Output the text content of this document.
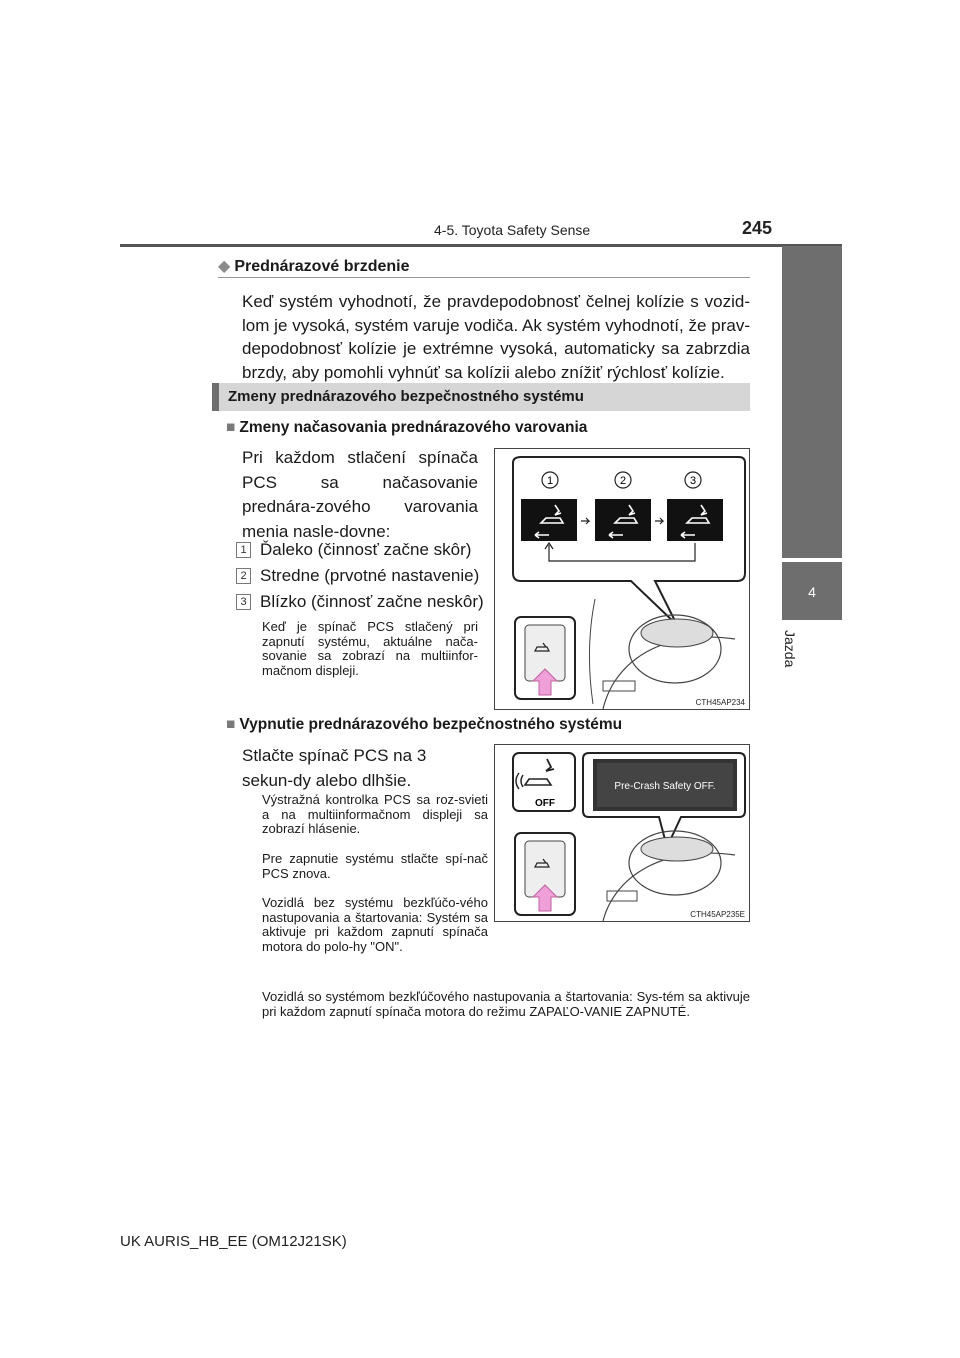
4-5. Toyota Safety Sense	245
4
Jazda
◆ Prednárazové brzdenie
Keď systém vyhodnotí, že pravdepodobnosť čelnej kolízie s vozid-lom je vysoká, systém varuje vodiča. Ak systém vyhodnotí, že prav-depodobnosť kolízie je extrémne vysoká, automaticky sa zabrzdia brzdy, aby pomohli vyhnúť sa kolízii alebo znížiť rýchlosť kolízie.
Zmeny prednárazového bezpečnostného systému
■ Zmeny načasovania prednárazového varovania
Pri každom stlačení spínača PCS sa načasovanie prednára-zového varovania menia nasle-dovne:
1 Ďaleko (činnosť začne skôr)
2 Stredne (prvotné nastavenie)
3 Blízko (činnosť začne neskôr)
Keď je spínač PCS stlačený pri zapnutí systému, aktuálne nača-sovanie sa zobrazí na multiinfor-mačnom displeji.
1	2	3
CTH45AP234
■ Vypnutie prednárazového bezpečnostného systému
Stlačte spínač PCS na 3 sekun-dy alebo dlhšie.
Výstražná kontrolka PCS sa roz-svieti a na multiinformačnom displeji sa zobrazí hlásenie.
Pre zapnutie systému stlačte spí-nač PCS znova.
Vozidlá bez systému bezkľúčo-vého nastupovania a štartovania: Systém sa aktivuje pri každom zapnutí spínača motora do polo-hy "ON".
Vozidlá so systémom bezkľúčového nastupovania a štartovania: Sys-tém sa aktivuje pri každom zapnutí spínača motora do režimu ZAPAĽO-VANIE ZAPNUTÉ.
OFF
Pre-Crash Safety OFF.
CTH45AP235E
UK AURIS_HB_EE (OM12J21SK)
